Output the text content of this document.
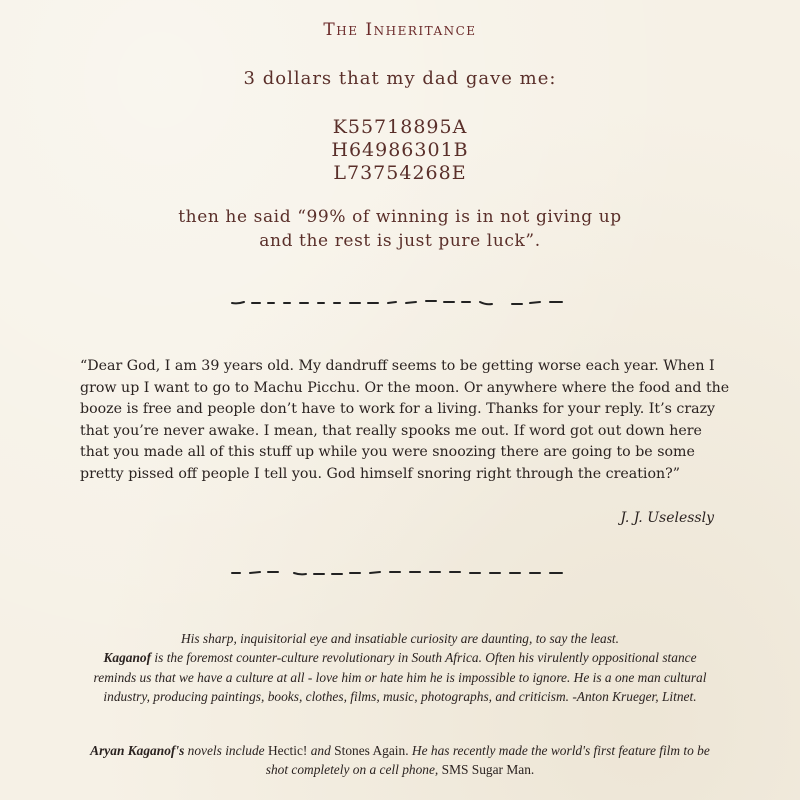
The Inheritance
3 dollars that my dad gave me:
K55718895A
H64986301B
L73754268E
then he said “99% of winning is in not giving up
and the rest is just pure luck”.
“Dear God, I am 39 years old. My dandruff seems to be getting worse each year. When I grow up I want to go to Machu Picchu. Or the moon. Or anywhere where the food and the booze is free and people don’t have to work for a living. Thanks for your reply. It’s crazy that you’re never awake. I mean, that really spooks me out. If word got out down here that you made all of this stuff up while you were snoozing there are going to be some pretty pissed off people I tell you. God himself snoring right through the creation?”
J. J. Uselessly
His sharp, inquisitorial eye and insatiable curiosity are daunting, to say the least.
Kaganof is the foremost counter-culture revolutionary in South Africa. Often his virulently oppositional stance reminds us that we have a culture at all - love him or hate him he is impossible to ignore. He is a one man cultural industry, producing paintings, books, clothes, films, music, photographs, and criticism. -Anton Krueger, Litnet.
Aryan Kaganof's novels include Hectic! and Stones Again. He has recently made the world's first feature film to be shot completely on a cell phone, SMS Sugar Man.
